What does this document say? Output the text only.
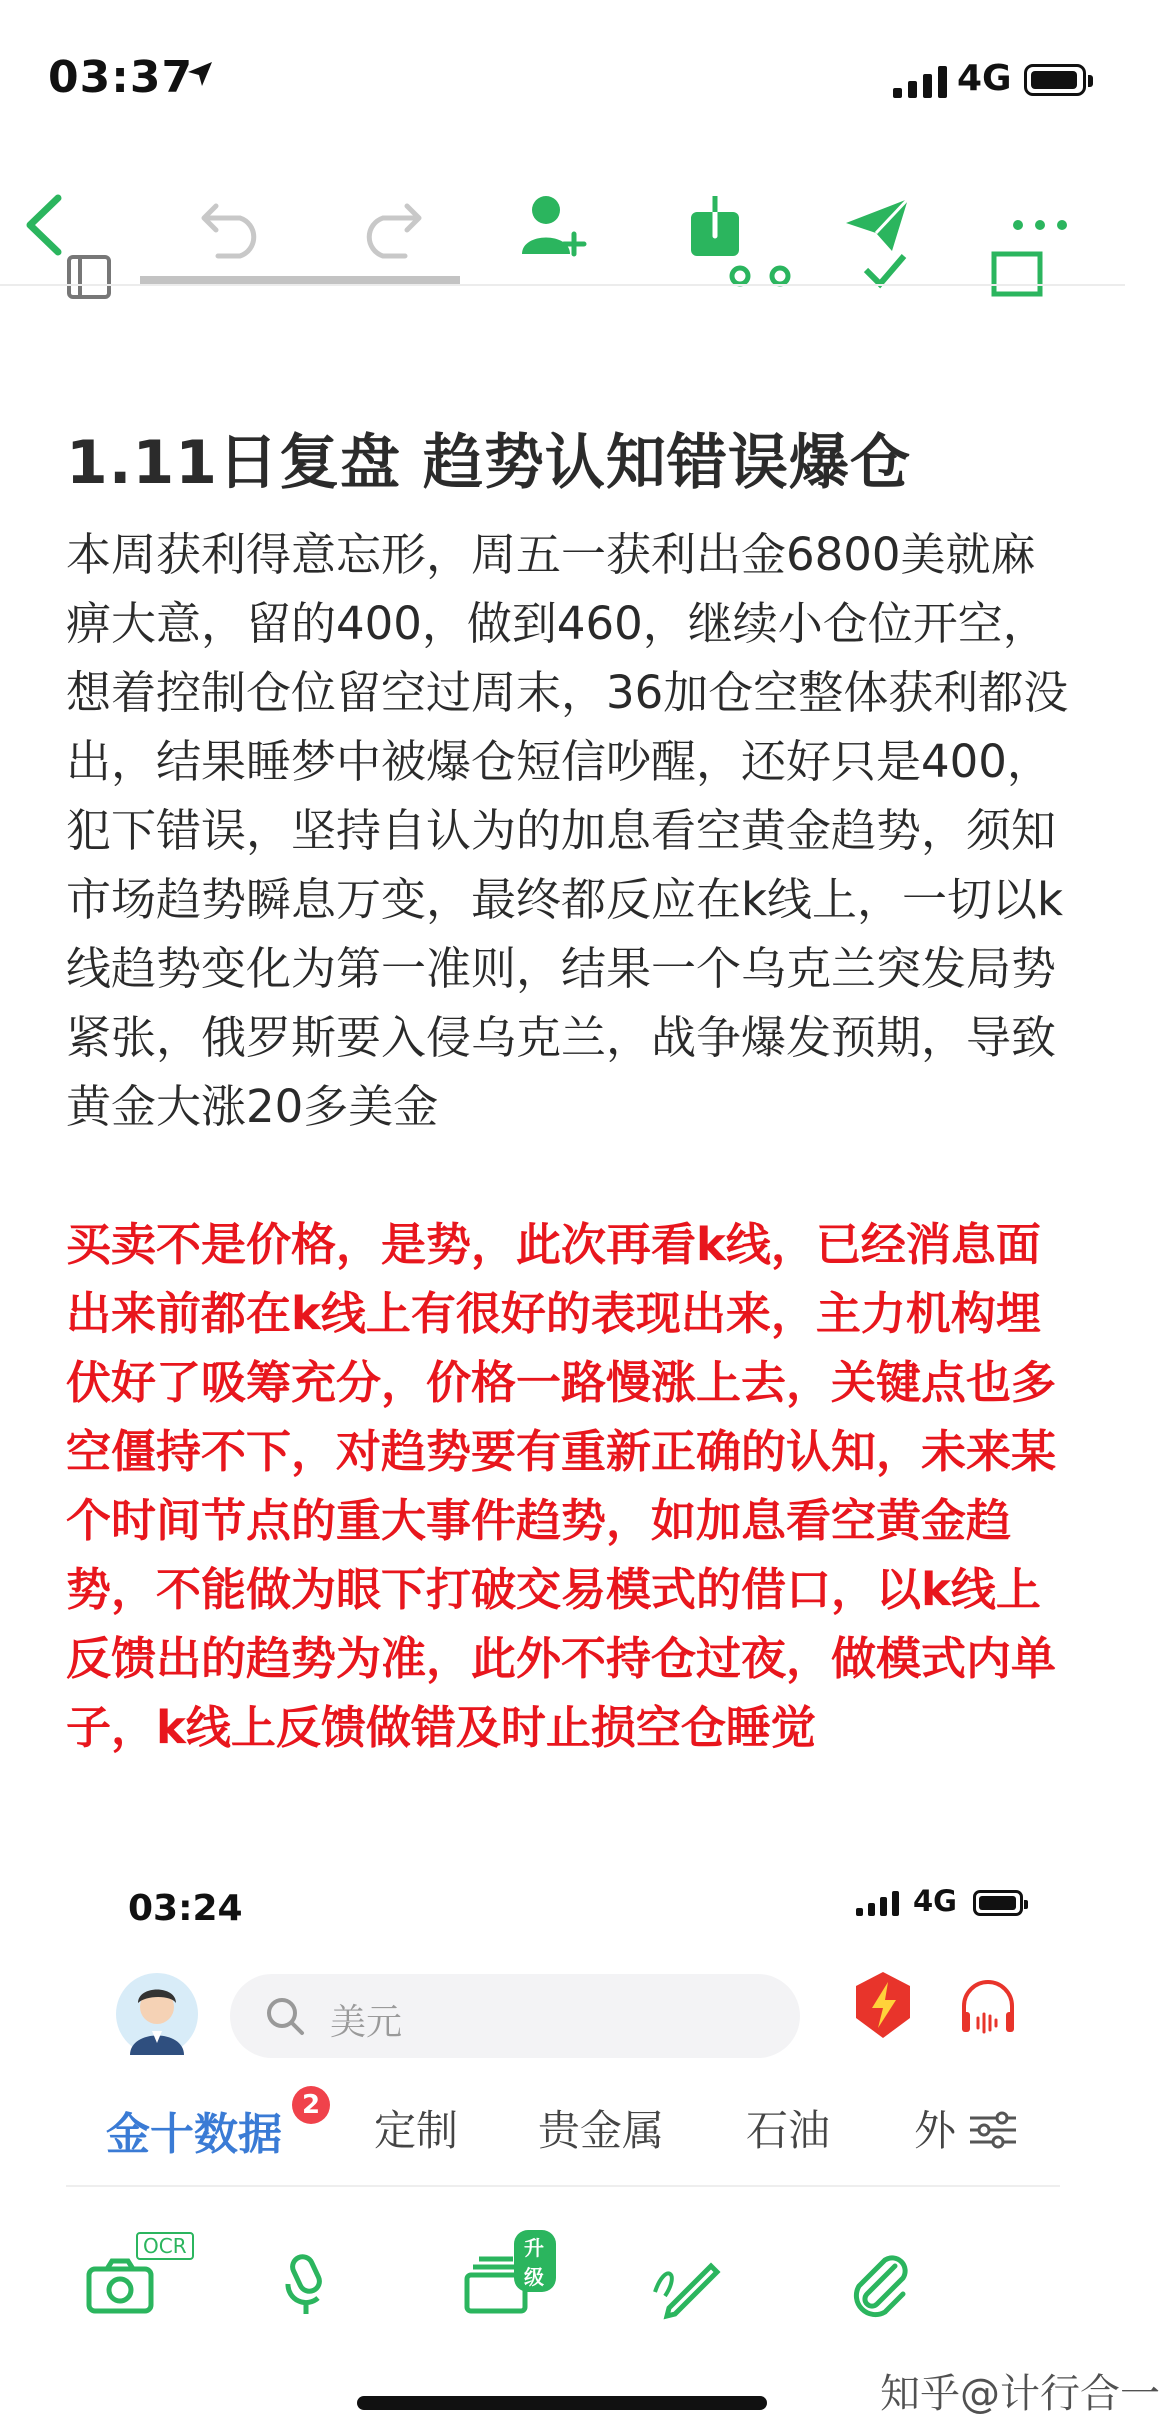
03:37	4G
1.11日复盘 趋势认知错误爆仓
本周获利得意忘形，周五一获利出金6800美就麻痹大意，留的400，做到460，继续小仓位开空，想着控制仓位留空过周末，36加仓空整体获利都没出，结果睡梦中被爆仓短信吵醒，还好只是400，犯下错误，坚持自认为的加息看空黄金趋势，须知市场趋势瞬息万变，最终都反应在k线上，一切以k线趋势变化为第一准则，结果一个乌克兰突发局势紧张，俄罗斯要入侵乌克兰，战争爆发预期，导致黄金大涨20多美金
买卖不是价格，是势，此次再看k线，已经消息面出来前都在k线上有很好的表现出来，主力机构埋伏好了吸筹充分，价格一路慢涨上去，关键点也多空僵持不下，对趋势要有重新正确的认知，未来某个时间节点的重大事件趋势，如加息看空黄金趋势，不能做为眼下打破交易模式的借口，以k线上反馈出的趋势为准，此外不持仓过夜，做模式内单子，k线上反馈做错及时止损空仓睡觉
03:24	4G
美元
金十数据
2
定制 贵金属 石油 外
OCR	升级
知乎@计行合一
